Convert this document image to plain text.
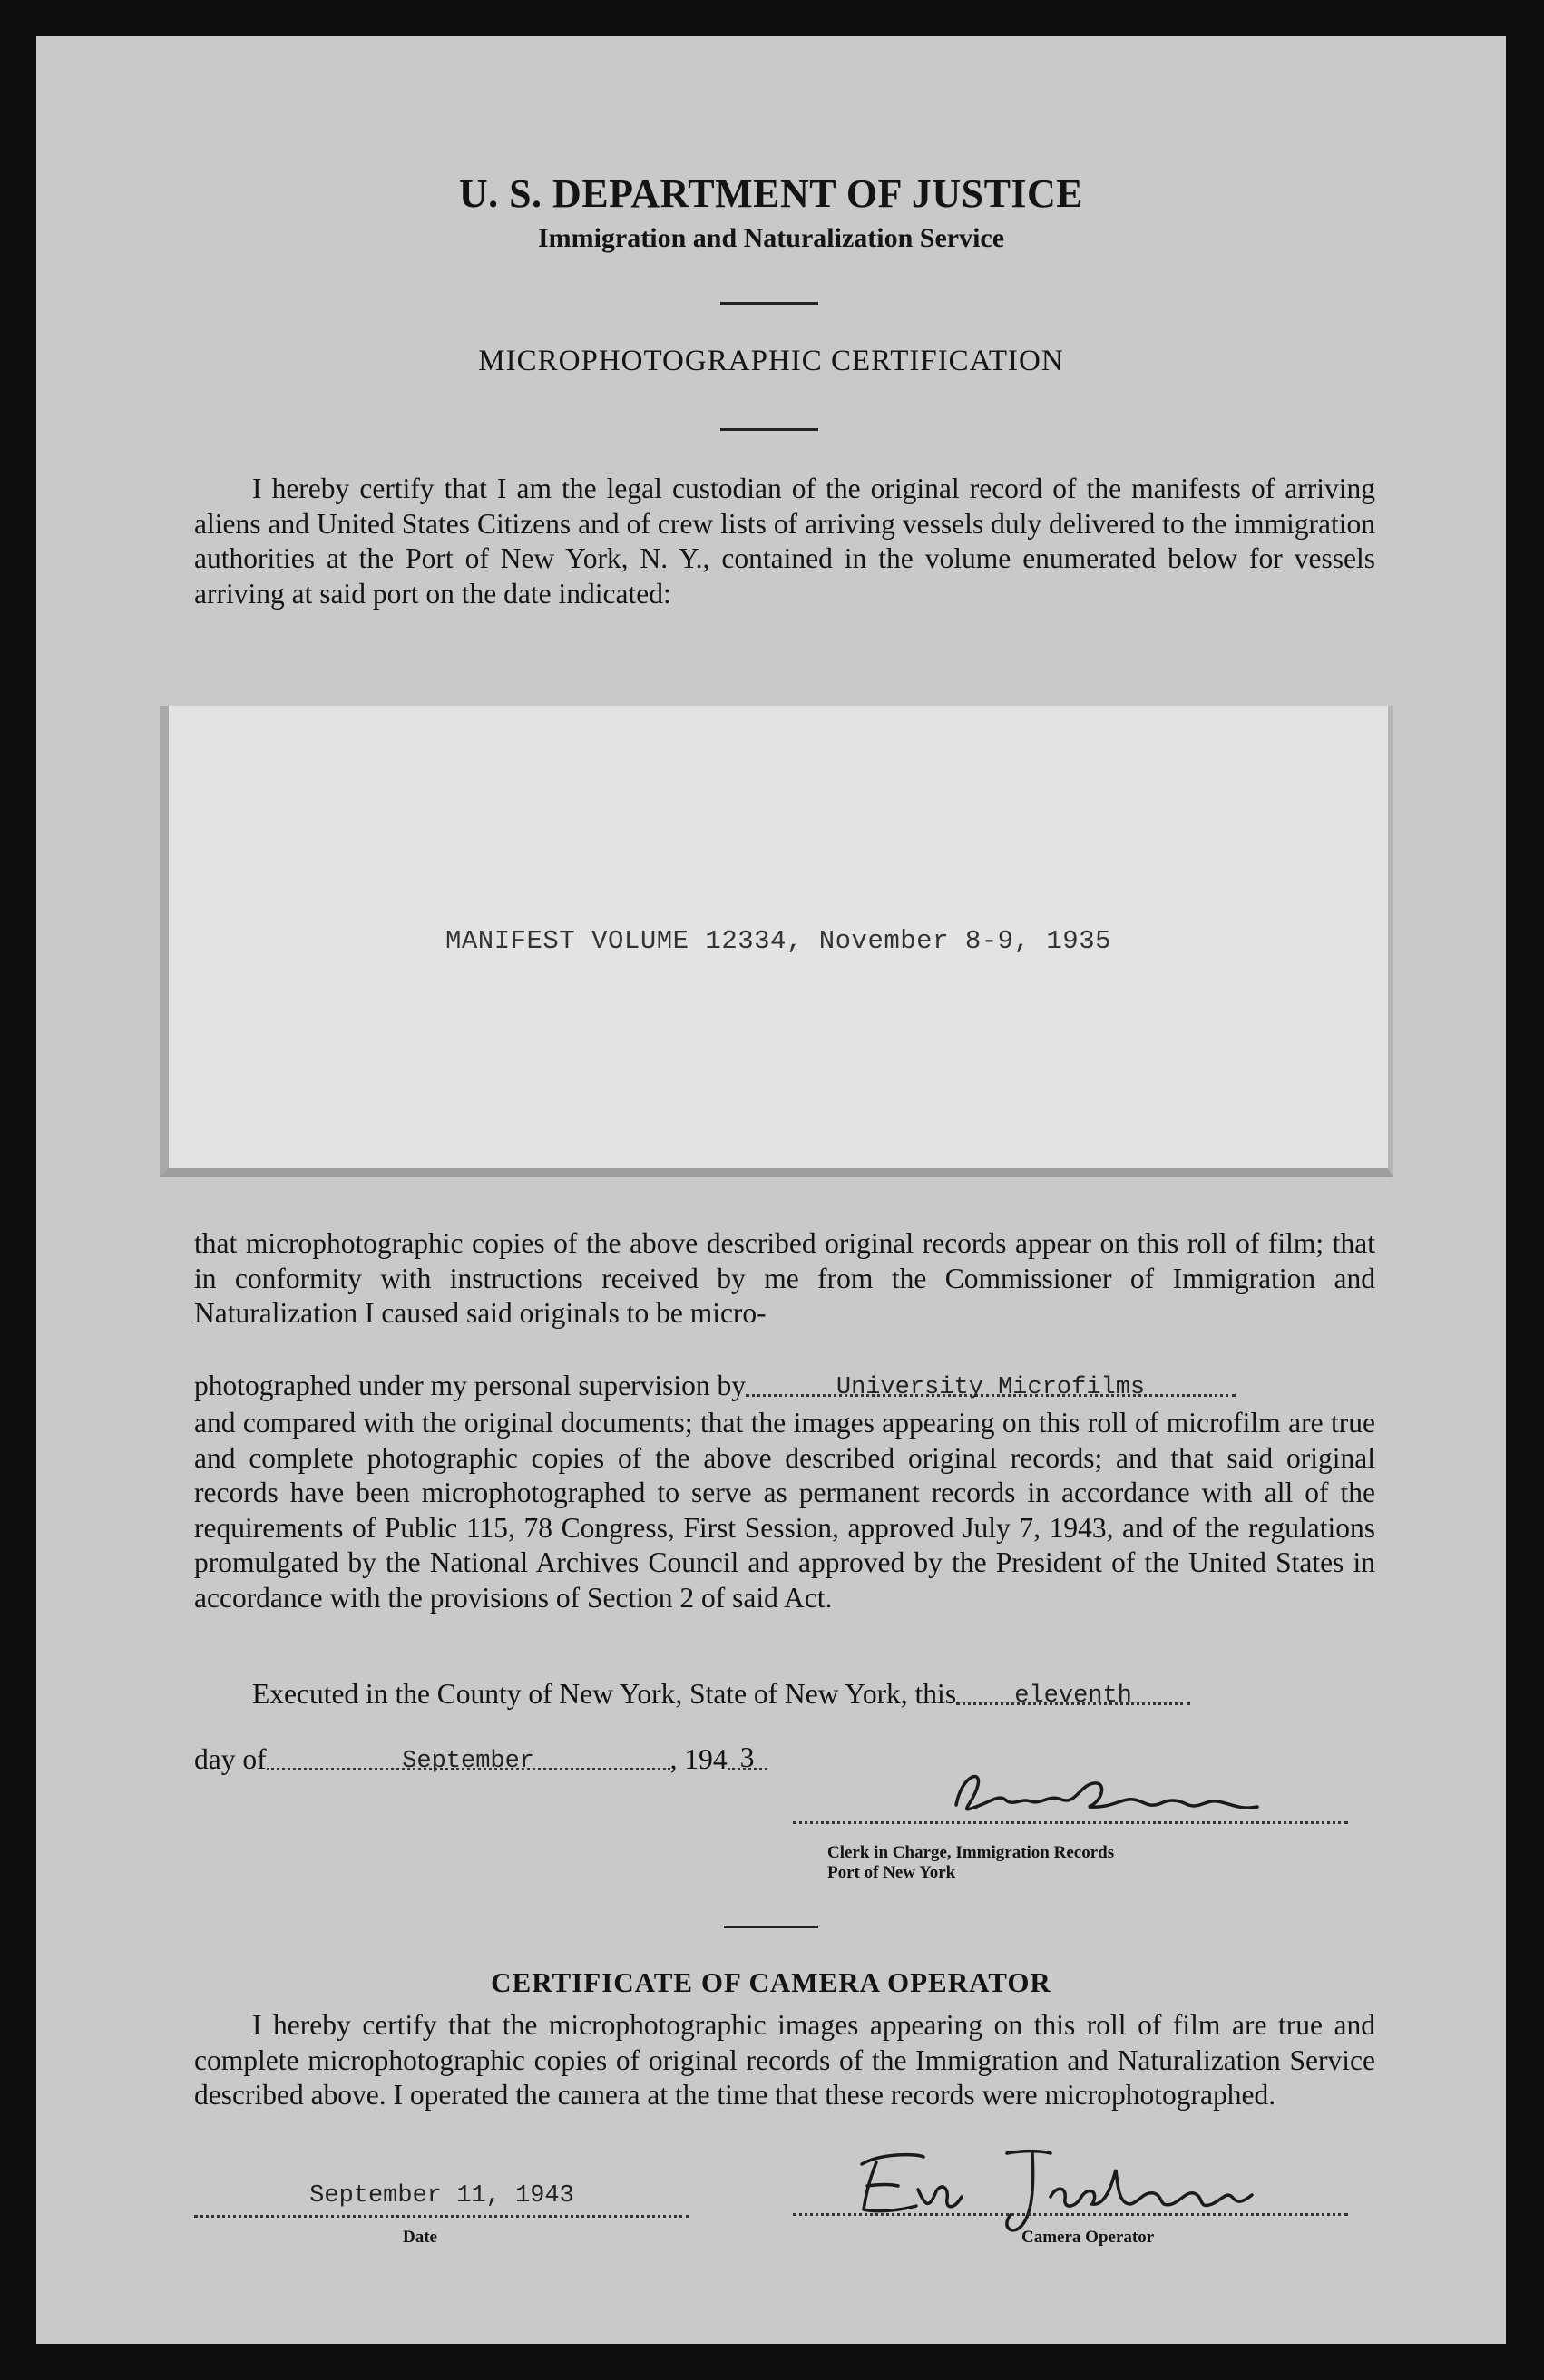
U. S. DEPARTMENT OF JUSTICE
Immigration and Naturalization Service
MICROPHOTOGRAPHIC CERTIFICATION
I hereby certify that I am the legal custodian of the original record of the manifests of arriving aliens and United States Citizens and of crew lists of arriving vessels duly delivered to the immigration authorities at the Port of New York, N. Y., contained in the volume enumerated below for vessels arriving at said port on the date indicated:
MANIFEST VOLUME 12334, November 8-9, 1935
that microphotographic copies of the above described original records appear on this roll of film; that in conformity with instructions received by me from the Commissioner of Immigration and Naturalization I caused said originals to be micro-
photographed under my personal supervision by	University Microfilms
and compared with the original documents; that the images appearing on this roll of microfilm are true and complete photographic copies of the above described original records; and that said original records have been microphotographed to serve as permanent records in accordance with all of the requirements of Public 115, 78 Congress, First Session, approved July 7, 1943, and of the regulations promulgated by the National Archives Council and approved by the President of the United States in accordance with the provisions of Section 2 of said Act.
Executed in the County of New York, State of New York, this eleventh
day of	September	, 194 3
Clerk in Charge, Immigration Records
Port of New York
CERTIFICATE OF CAMERA OPERATOR
I hereby certify that the microphotographic images appearing on this roll of film are true and complete microphotographic copies of original records of the Immigration and Naturalization Service described above. I operated the camera at the time that these records were microphotographed.
September 11, 1943
Date	Camera Operator
